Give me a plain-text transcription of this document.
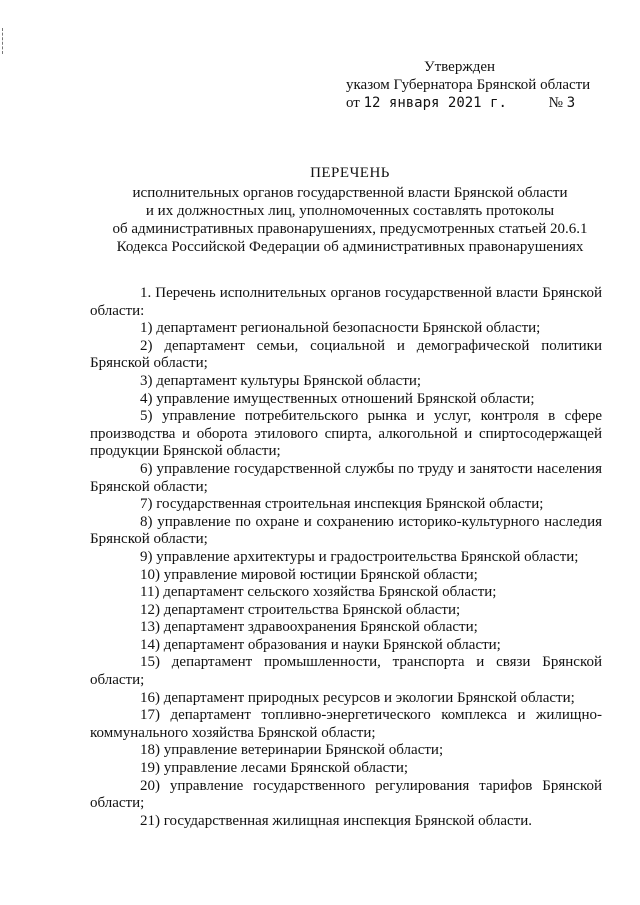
Утвержден
указом Губернатора Брянской области
от 12 января 2021 г.	№ 3
ПЕРЕЧЕНЬ
исполнительных органов государственной власти Брянской области
и их должностных лиц, уполномоченных составлять протоколы
об административных правонарушениях, предусмотренных статьей 20.6.1
Кодекса Российской Федерации об административных правонарушениях

1. Перечень исполнительных органов государственной власти Брянской области:

1) департамент региональной безопасности Брянской области;

2) департамент семьи, социальной и демографической политики Брянской области;

3) департамент культуры Брянской области;

4) управление имущественных отношений Брянской области;

5) управление потребительского рынка и услуг, контроля в сфере производства и оборота этилового спирта, алкогольной и спиртосодержащей продукции Брянской области;

6) управление государственной службы по труду и занятости населения Брянской области;

7) государственная строительная инспекция Брянской области;

8) управление по охране и сохранению историко-культурного наследия Брянской области;

9) управление архитектуры и градостроительства Брянской области;

10) управление мировой юстиции Брянской области;

11) департамент сельского хозяйства Брянской области;

12) департамент строительства Брянской области;

13) департамент здравоохранения Брянской области;

14) департамент образования и науки Брянской области;

15) департамент промышленности, транспорта и связи Брянской области;

16) департамент природных ресурсов и экологии Брянской области;

17) департамент топливно-энергетического комплекса и жилищно-коммунального хозяйства Брянской области;

18) управление ветеринарии Брянской области;

19) управление лесами Брянской области;

20) управление государственного регулирования тарифов Брянской области;

21) государственная жилищная инспекция Брянской области.
